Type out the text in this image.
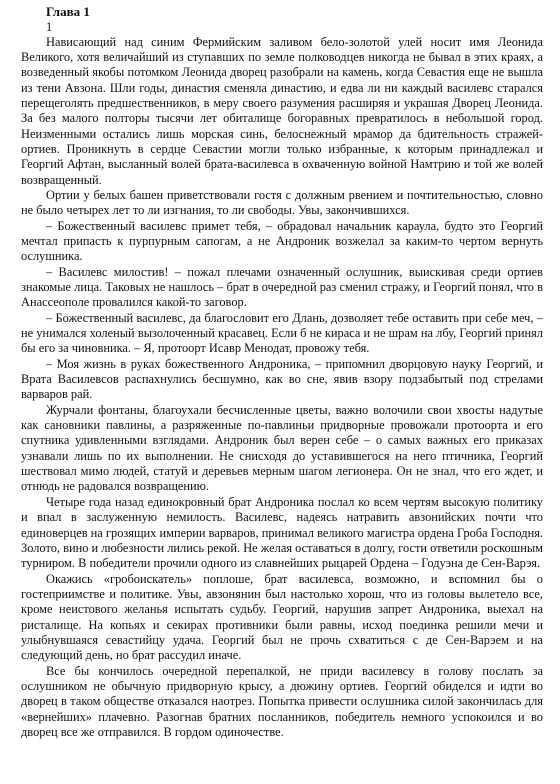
Глава 1
1

Нависающий над синим Фермийским заливом бело-золотой улей носит имя Леонида Великого, хотя величайший из ступавших по земле полководцев никогда не бывал в этих краях, а возведенный якобы потомком Леонида дворец разобрали на камень, когда Севастия еще не вышла из тени Авзона. Шли годы, династия сменяла династию, и едва ли ни каждый василевс старался перещеголять предшественников, в меру своего разумения расширяя и украшая Дворец Леонида. За без малого полторы тысячи лет обиталище богоравных превратилось в небольшой город. Неизменными остались лишь морская синь, белоснежный мрамор да бдительность стражей-ортиев. Проникнуть в сердце Севастии могли только избранные, к которым принадлежал и Георгий Афтан, высланный волей брата-василевса в охваченную войной Намтрию и той же волей возвращенный.

Ортии у белых башен приветствовали гостя с должным рвением и почтительностью, словно не было четырех лет то ли изгнания, то ли свободы. Увы, закончившихся.

– Божественный василевс примет тебя, – обрадовал начальник караула, будто это Георгий мечтал припасть к пурпурным сапогам, а не Андроник возжелал за каким-то чертом вернуть ослушника.

– Василевс милостив! – пожал плечами означенный ослушник, выискивая среди ортиев знакомые лица. Таковых не нашлось – брат в очередной раз сменил стражу, и Георгий понял, что в Анассеополе провалился какой-то заговор.

– Божественный василевс, да благословит его Длань, дозволяет тебе оставить при себе меч, – не унимался холеный вызолоченный красавец. Если б не кираса и не шрам на лбу, Георгий принял бы его за чиновника. – Я, протоорт Исавр Менодат, провожу тебя.

– Моя жизнь в руках божественного Андроника, – припомнил дворцовую науку Георгий, и Врата Василевсов распахнулись бесшумно, как во сне, явив взору подзабытый под стрелами варваров рай.

Журчали фонтаны, благоухали бесчисленные цветы, важно волочили свои хвосты надутые как сановники павлины, а разряженные по-павлиньи придворные провожали протоорта и его спутника удивленными взглядами. Андроник был верен себе – о самых важных его приказах узнавали лишь по их выполнении. Не снисходя до уставившегося на него птичника, Георгий шествовал мимо людей, статуй и деревьев мерным шагом легионера. Он не знал, что его ждет, и отнюдь не радовался возвращению.

Четыре года назад единокровный брат Андроника послал ко всем чертям высокую политику и впал в заслуженную немилость. Василевс, надеясь натравить авзонийских почти что единоверцев на грозящих империи варваров, принимал великого магистра ордена Гроба Господня. Золото, вино и любезности лились рекой. Не желая оставаться в долгу, гости ответили роскошным турниром. В победители прочили одного из славнейших рыцарей Ордена – Годуэна де Сен-Варэя.

Окажись «гробоискатель» поплоше, брат василевса, возможно, и вспомнил бы о гостеприимстве и политике. Увы, авзонянин был настолько хорош, что из головы вылетело все, кроме неистового желанья испытать судьбу. Георгий, нарушив запрет Андроника, выехал на ристалище. На копьях и секирах противники были равны, исход поединка решили мечи и улыбнувшаяся севастийцу удача. Георгий был не прочь схватиться с де Сен-Варэем и на следующий день, но брат рассудил иначе.

Все бы кончилось очередной перепалкой, не приди василевсу в голову послать за ослушником не обычную придворную крысу, а дюжину ортиев. Георгий обиделся и идти во дворец в таком обществе отказался наотрез. Попытка привести ослушника силой закончилась для «вернейших» плачевно. Разогнав братних посланников, победитель немного успокоился и во дворец все же отправился. В гордом одиночестве.
